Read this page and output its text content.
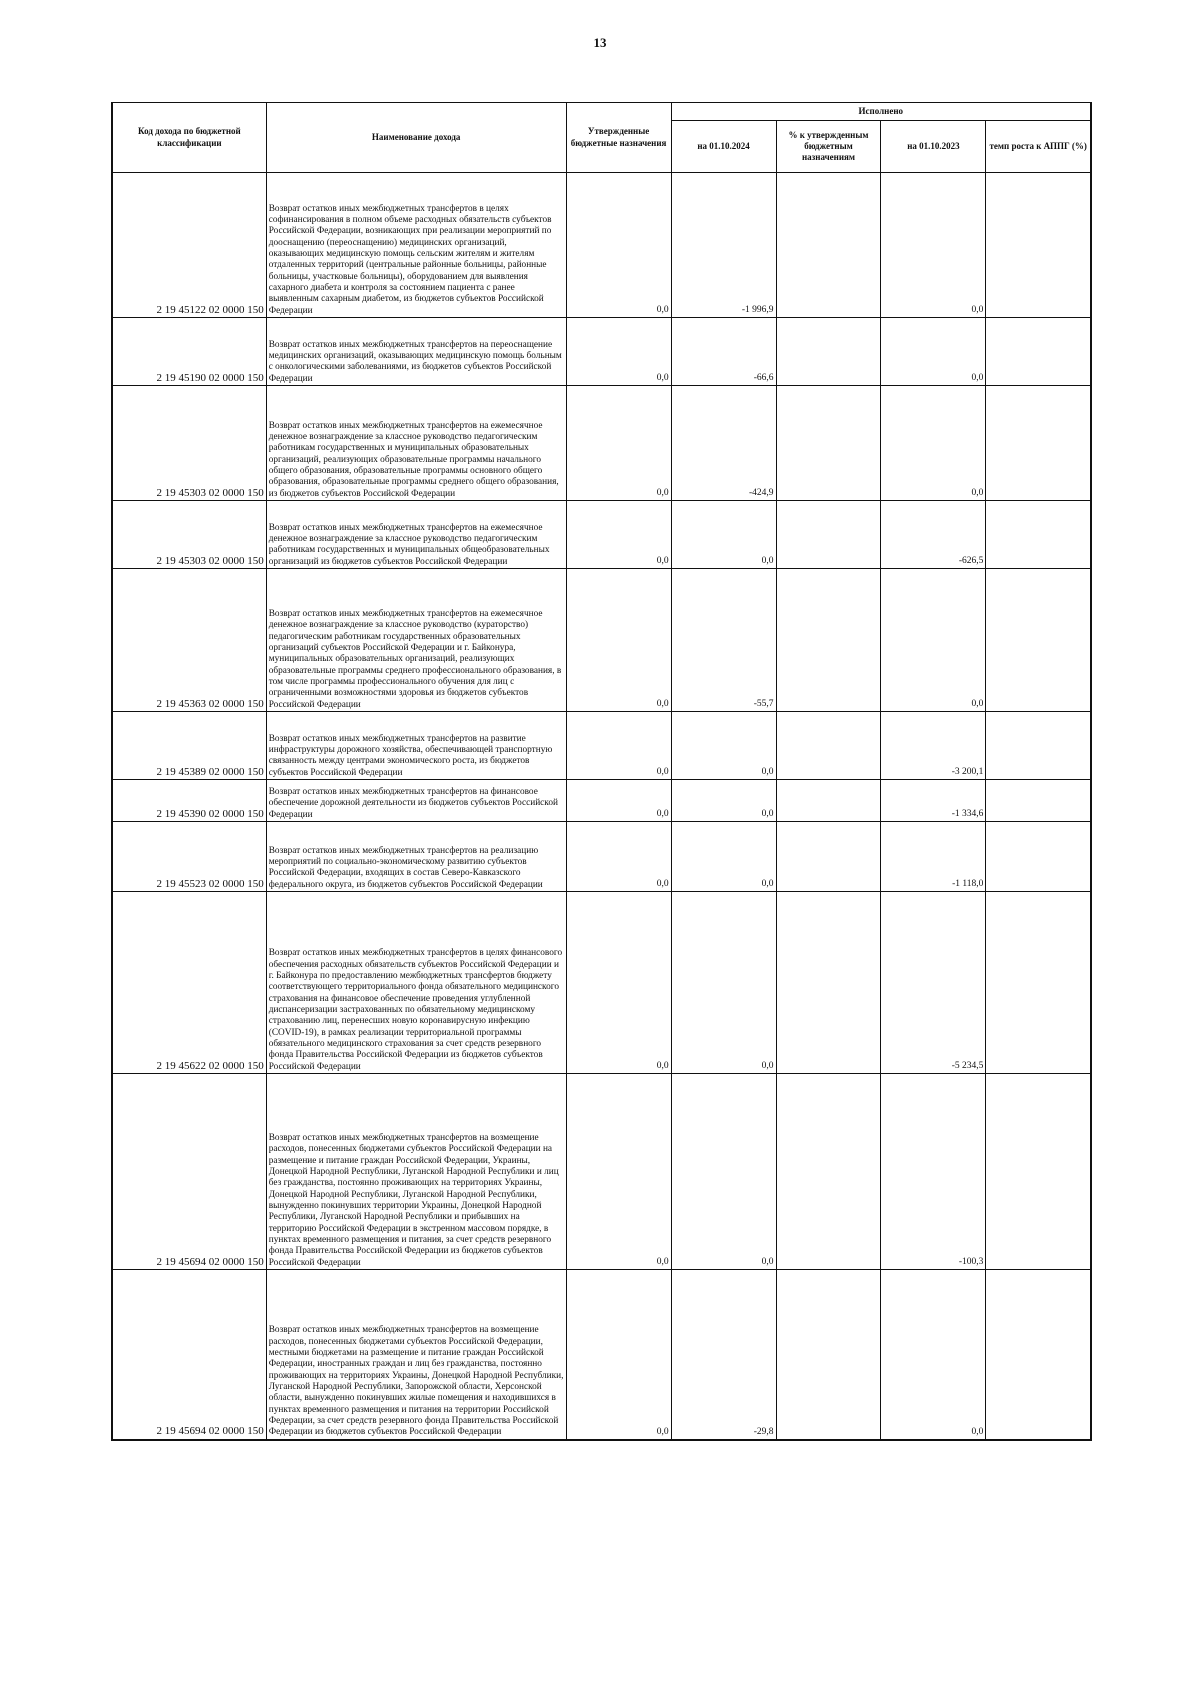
13
Код дохода по бюджетной классификации	Наименование дохода	Утвержденные бюджетные назначения	Исполнено			
			на 01.10.2024	% к утвержденным бюджетным назначениям	на 01.10.2023	темп роста к АППГ (%)
2 19 45122 02 0000 150	Возврат остатков иных межбюджетных трансфертов в целях софинансирования в полном объеме расходных обязательств субъектов Российской Федерации, возникающих при реализации мероприятий по дооснащению (переоснащению) медицинских организаций, оказывающих медицинскую помощь сельским жителям и жителям отдаленных территорий (центральные районные больницы, районные больницы, участковые больницы), оборудованием для выявления сахарного диабета и контроля за состоянием пациента с ранее выявленным сахарным диабетом, из бюджетов субъектов Российской Федерации	0,0	-1 996,9		0,0	
2 19 45190 02 0000 150	Возврат остатков иных межбюджетных трансфертов на переоснащение медицинских организаций, оказывающих медицинскую помощь больным с онкологическими заболеваниями, из бюджетов субъектов Российской Федерации	0,0	-66,6		0,0	
2 19 45303 02 0000 150	Возврат остатков иных межбюджетных трансфертов на ежемесячное денежное вознаграждение за классное руководство педагогическим работникам государственных и муниципальных образовательных организаций, реализующих образовательные программы начального общего образования, образовательные программы основного общего образования, образовательные программы среднего общего образования, из бюджетов субъектов Российской Федерации	0,0	-424,9		0,0	
2 19 45303 02 0000 150	Возврат остатков иных межбюджетных трансфертов на ежемесячное денежное вознаграждение за классное руководство педагогическим работникам государственных и муниципальных общеобразовательных организаций из бюджетов субъектов Российской Федерации	0,0	0,0		-626,5	
2 19 45363 02 0000 150	Возврат остатков иных межбюджетных трансфертов на ежемесячное денежное вознаграждение за классное руководство (кураторство) педагогическим работникам государственных образовательных организаций субъектов Российской Федерации и г. Байконура, муниципальных образовательных организаций, реализующих образовательные программы среднего профессионального образования, в том числе программы профессионального обучения для лиц с ограниченными возможностями здоровья из бюджетов субъектов Российской Федерации	0,0	-55,7		0,0	
2 19 45389 02 0000 150	Возврат остатков иных межбюджетных трансфертов на развитие инфраструктуры дорожного хозяйства, обеспечивающей транспортную связанность между центрами экономического роста, из бюджетов субъектов Российской Федерации	0,0	0,0		-3 200,1	
2 19 45390 02 0000 150	Возврат остатков иных межбюджетных трансфертов на финансовое обеспечение дорожной деятельности из бюджетов субъектов Российской Федерации	0,0	0,0		-1 334,6	
2 19 45523 02 0000 150	Возврат остатков иных межбюджетных трансфертов на реализацию мероприятий по социально-экономическому развитию субъектов Российской Федерации, входящих в состав Северо-Кавказского федерального округа, из бюджетов субъектов Российской Федерации	0,0	0,0		-1 118,0	
2 19 45622 02 0000 150	Возврат остатков иных межбюджетных трансфертов в целях финансового обеспечения расходных обязательств субъектов Российской Федерации и г. Байконура по предоставлению межбюджетных трансфертов бюджету соответствующего территориального фонда обязательного медицинского страхования на финансовое обеспечение проведения углубленной диспансеризации застрахованных по обязательному медицинскому страхованию лиц, перенесших новую коронавирусную инфекцию (COVID-19), в рамках реализации территориальной программы обязательного медицинского страхования за счет средств резервного фонда Правительства Российской Федерации из бюджетов субъектов Российской Федерации	0,0	0,0		-5 234,5	
2 19 45694 02 0000 150	Возврат остатков иных межбюджетных трансфертов на возмещение расходов, понесенных бюджетами субъектов Российской Федерации на размещение и питание граждан Российской Федерации, Украины, Донецкой Народной Республики, Луганской Народной Республики и лиц без гражданства, постоянно проживающих на территориях Украины, Донецкой Народной Республики, Луганской Народной Республики, вынужденно покинувших территории Украины, Донецкой Народной Республики, Луганской Народной Республики и прибывших на территорию Российской Федерации в экстренном массовом порядке, в пунктах временного размещения и питания, за счет средств резервного фонда Правительства Российской Федерации из бюджетов субъектов Российской Федерации	0,0	0,0		-100,3	
2 19 45694 02 0000 150	Возврат остатков иных межбюджетных трансфертов на возмещение расходов, понесенных бюджетами субъектов Российской Федерации, местными бюджетами на размещение и питание граждан Российской Федерации, иностранных граждан и лиц без гражданства, постоянно проживающих на территориях Украины, Донецкой Народной Республики, Луганской Народной Республики, Запорожской области, Херсонской области, вынужденно покинувших жилые помещения и находившихся в пунктах временного размещения и питания на территории Российской Федерации, за счет средств резервного фонда Правительства Российской Федерации из бюджетов субъектов Российской Федерации	0,0	-29,8		0,0	
